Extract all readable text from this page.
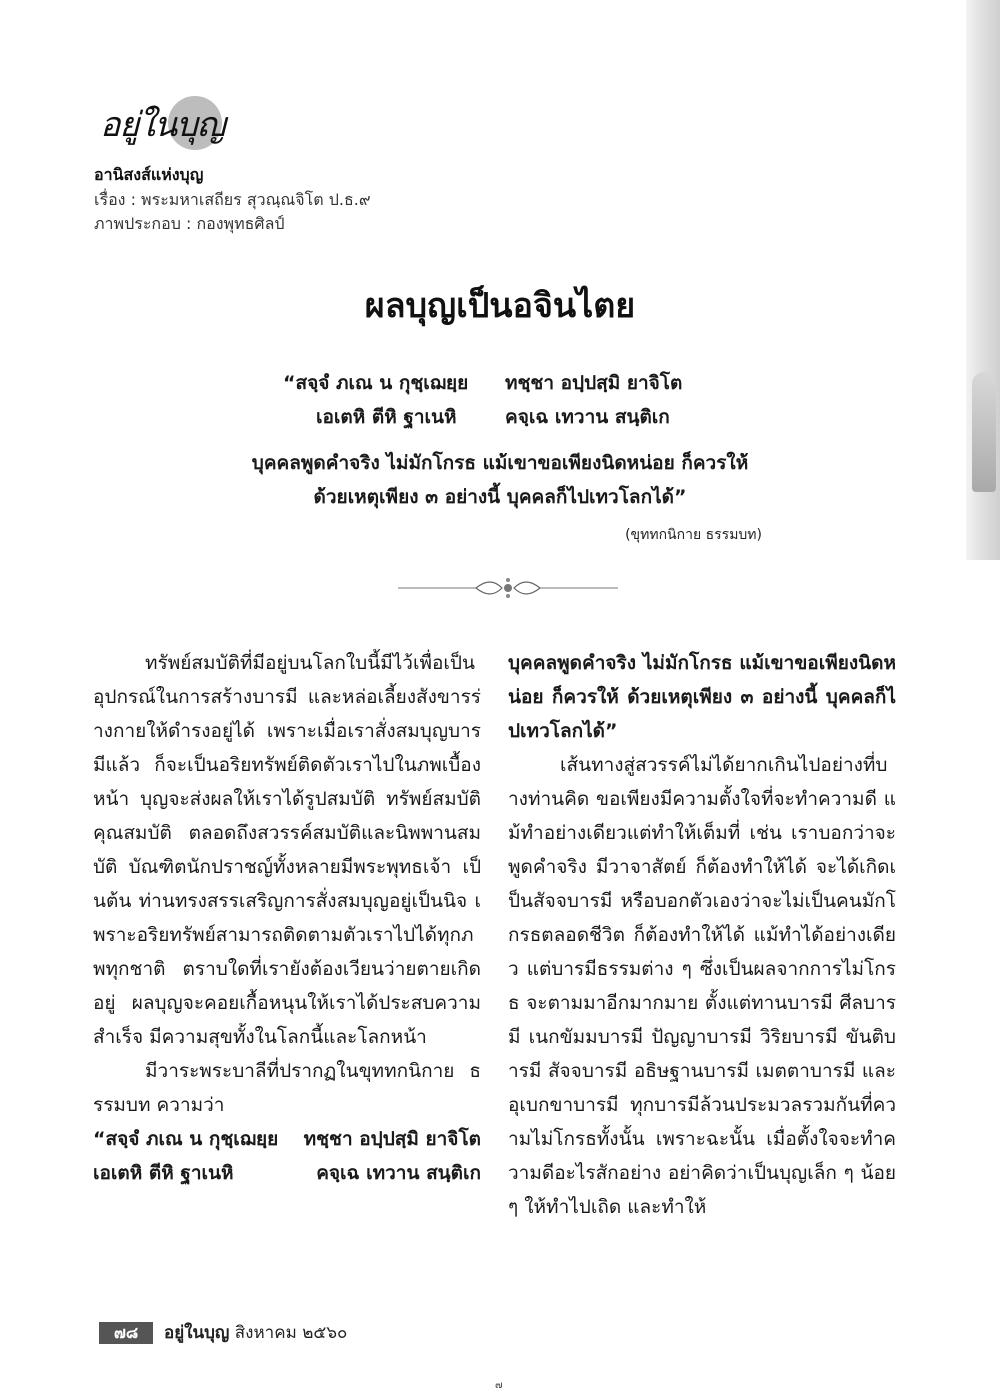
อยู่ในบุญ
อานิสงส์แห่งบุญ
เรื่อง : พระมหาเสถียร สุวณฺณจิโต ป.ธ.๙
ภาพประกอบ : กองพุทธศิลป์
ผลบุญเป็นอจินไตย
“สจฺจํ ภเณ น กุชฺเฌยฺย ทชฺชา อปฺปสฺมิ ยาจิโต
เอเตหิ ตีหิ ฐาเนหิ	คจฺเฉ เทวาน สนฺติเก
บุคคลพูดคำจริง ไม่มักโกรธ แม้เขาขอเพียงนิดหน่อย ก็ควรให้
ด้วยเหตุเพียง ๓ อย่างนี้ บุคคลก็ไปเทวโลกได้”
(ขุททกนิกาย ธรรมบท)

ทรัพย์สมบัติที่มีอยู่บนโลกใบนี้มีไว้เพื่อเป็นอุปกรณ์ในการสร้างบารมี และหล่อเลี้ยงสังขารร่างกายให้ดำรงอยู่ได้ เพราะเมื่อเราสั่งสมบุญบารมีแล้ว ก็จะเป็นอริยทรัพย์ติดตัวเราไปในภพเบื้องหน้า บุญจะส่งผลให้เราได้รูปสมบัติ ทรัพย์สมบัติ คุณสมบัติ ตลอดถึงสวรรค์สมบัติและนิพพานสมบัติ บัณฑิตนักปราชญ์ทั้งหลายมีพระพุทธเจ้า เป็นต้น ท่านทรงสรรเสริญการสั่งสมบุญอยู่เป็นนิจ เพราะอริยทรัพย์สามารถติดตามตัวเราไปได้ทุกภพทุกชาติ ตราบใดที่เรายังต้องเวียนว่ายตายเกิดอยู่ ผลบุญจะคอยเกื้อหนุนให้เราได้ประสบความสำเร็จ มีความสุขทั้งในโลกนี้และโลกหน้า

มีวาระพระบาลีที่ปรากฏในขุททกนิกาย ธรรมบท ความว่า

“สจฺจํ ภเณ น กุชฺเฌยฺย ทชฺชา อปฺปสฺมิ ยาจิโต
เอเตหิ ตีหิ ฐาเนหิ	คจฺเฉ เทวาน สนฺติเก

บุคคลพูดคำจริง ไม่มักโกรธ แม้เขาขอเพียงนิดหน่อย ก็ควรให้ ด้วยเหตุเพียง ๓ อย่างนี้ บุคคลก็ไปเทวโลกได้”

เส้นทางสู่สวรรค์ไม่ได้ยากเกินไปอย่างที่บางท่านคิด ขอเพียงมีความตั้งใจที่จะทำความดี แม้ทำอย่างเดียวแต่ทำให้เต็มที่ เช่น เราบอกว่าจะพูดคำจริง มีวาจาสัตย์ ก็ต้องทำให้ได้ จะได้เกิดเป็นสัจจบารมี หรือบอกตัวเองว่าจะไม่เป็นคนมักโกรธตลอดชีวิต ก็ต้องทำให้ได้ แม้ทำได้อย่างเดียว แต่บารมีธรรมต่าง ๆ ซึ่งเป็นผลจากการไม่โกรธ จะตามมาอีกมากมาย ตั้งแต่ทานบารมี ศีลบารมี เนกขัมมบารมี ปัญญาบารมี วิริยบารมี ขันติบารมี สัจจบารมี อธิษฐานบารมี เมตตาบารมี และอุเบกขาบารมี ทุกบารมีล้วนประมวลรวมกันที่ความไม่โกรธทั้งนั้น เพราะฉะนั้น เมื่อตั้งใจจะทำความดีอะไรสักอย่าง อย่าคิดว่าเป็นบุญเล็ก ๆ น้อย ๆ ให้ทำไปเถิด และทำให้

๗๘	อยู่ในบุญ สิงหาคม ๒๕๖๐
๗
